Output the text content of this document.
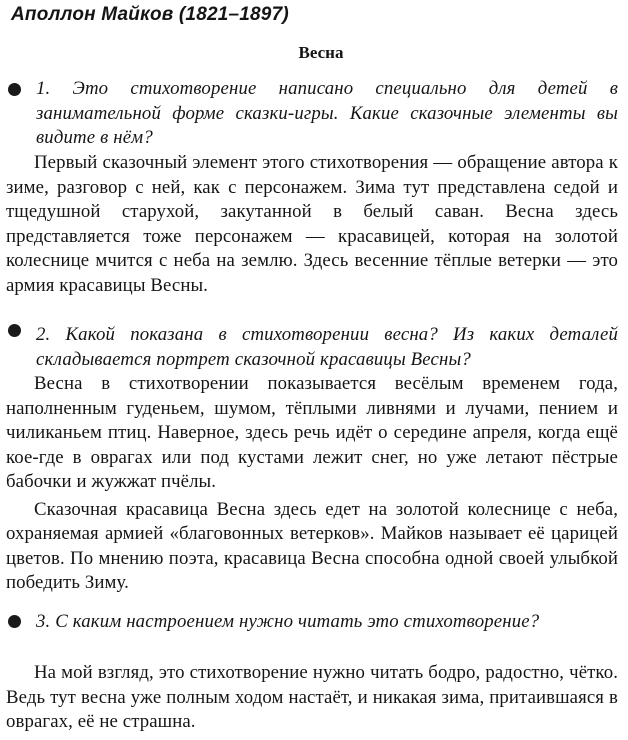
Аполлон Майков (1821–1897)
Весна
1. Это стихотворение написано специально для детей в занимательной форме сказки-игры. Какие сказочные элементы вы видите в нём?

Первый сказочный элемент этого стихотворения — обращение автора к зиме, разговор с ней, как с персонажем. Зима тут представлена седой и тщедушной старухой, закутанной в белый саван. Весна здесь представляется тоже персонажем — красавицей, которая на золотой колеснице мчится с неба на землю. Здесь весенние тёплые ветерки — это армия красавицы Весны.

2. Какой показана в стихотворении весна? Из каких деталей складывается портрет сказочной красавицы Весны?

Весна в стихотворении показывается весёлым временем года, наполненным гуденьем, шумом, тёплыми ливнями и лучами, пением и чиликаньем птиц. Наверное, здесь речь идёт о середине апреля, когда ещё кое-где в оврагах или под кустами лежит снег, но уже летают пёстрые бабочки и жужжат пчёлы.

Сказочная красавица Весна здесь едет на золотой колеснице с неба, охраняемая армией «благовонных ветерков». Майков называет её царицей цветов. По мнению поэта, красавица Весна способна одной своей улыбкой победить Зиму.

3. С каким настроением нужно читать это стихотворение?

На мой взгляд, это стихотворение нужно читать бодро, радостно, чётко. Ведь тут весна уже полным ходом настаёт, и никакая зима, притаившаяся в оврагах, её не страшна.
